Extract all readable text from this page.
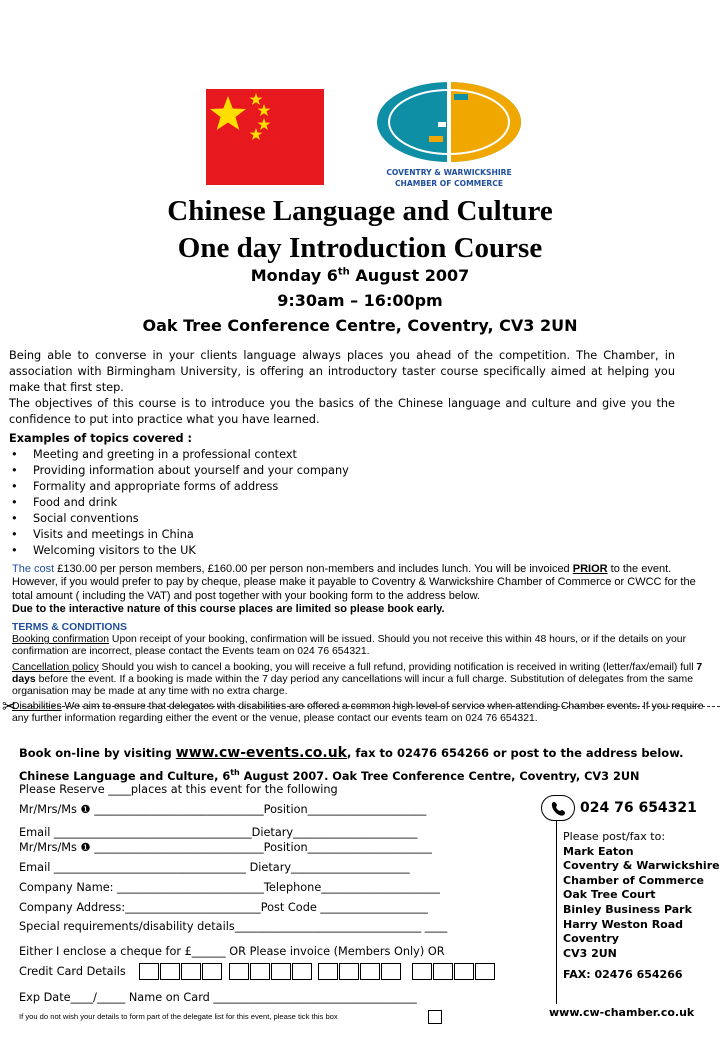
COVENTRY & WARWICKSHIRE
CHAMBER OF COMMERCE
Chinese Language and Culture
One day Introduction Course
Monday 6th August 2007
9:30am – 16:00pm
Oak Tree Conference Centre, Coventry, CV3 2UN
Being able to converse in your clients language always places you ahead of the competition. The Chamber, in association with Birmingham University, is offering an introductory taster course specifically aimed at helping you make that first step.
The objectives of this course is to introduce you the basics of the Chinese language and culture and give you the confidence to put into practice what you have learned.
Examples of topics covered :
• Meeting and greeting in a professional context
• Providing information about yourself and your company
• Formality and appropriate forms of address
• Food and drink
• Social conventions
• Visits and meetings in China
• Welcoming visitors to the UK
The cost £130.00 per person members, £160.00 per person non-members and includes lunch. You will be invoiced PRIOR to the event. However, if you would prefer to pay by cheque, please make it payable to Coventry & Warwickshire Chamber of Commerce or CWCC for the total amount ( including the VAT) and post together with your booking form to the address below.
Due to the interactive nature of this course places are limited so please book early.
TERMS & CONDITIONS
Booking confirmation Upon receipt of your booking, confirmation will be issued. Should you not receive this within 48 hours, or if the details on your confirmation are incorrect, please contact the Events team on 024 76 654321.
Cancellation policy Should you wish to cancel a booking, you will receive a full refund, providing notification is received in writing (letter/fax/email) full 7 days before the event. If a booking is made within the 7 day period any cancellations will incur a full charge. Substitution of delegates from the same organisation may be made at any time with no extra charge.
Disabilities We aim to ensure that delegates with disabilities are offered a common high level of service when attending Chamber events. If you require any further information regarding either the event or the venue, please contact our events team on 024 76 654321.
✂
Book on-line by visiting www.cw-events.co.uk, fax to 02476 654266 or post to the address below.
Chinese Language and Culture, 6th August 2007. Oak Tree Conference Centre, Coventry, CV3 2UN
Please Reserve ____places at this event for the following
Mr/Mrs/Ms ❶ ______________________________Position_____________________
Email ___________________________________Dietary______________________
Mr/Mrs/Ms ❶ ______________________________Position______________________
Email __________________________________ Dietary_____________________
Company Name: __________________________Telephone_____________________
Company Address:________________________Post Code ___________________
Special requirements/disability details_________________________________ ____
Either I enclose a cheque for £______ OR Please invoice (Members Only) OR
Credit Card Details
Exp Date____/_____ Name on Card ____________________________________
If you do not wish your details to form part of the delegate list for this event, please tick this box
024 76 654321
Please post/fax to:
Mark Eaton
Coventry & Warwickshire
Chamber of Commerce
Oak Tree Court
Binley Business Park
Harry Weston Road
Coventry
CV3 2UN
FAX: 02476 654266
www.cw-chamber.co.uk
